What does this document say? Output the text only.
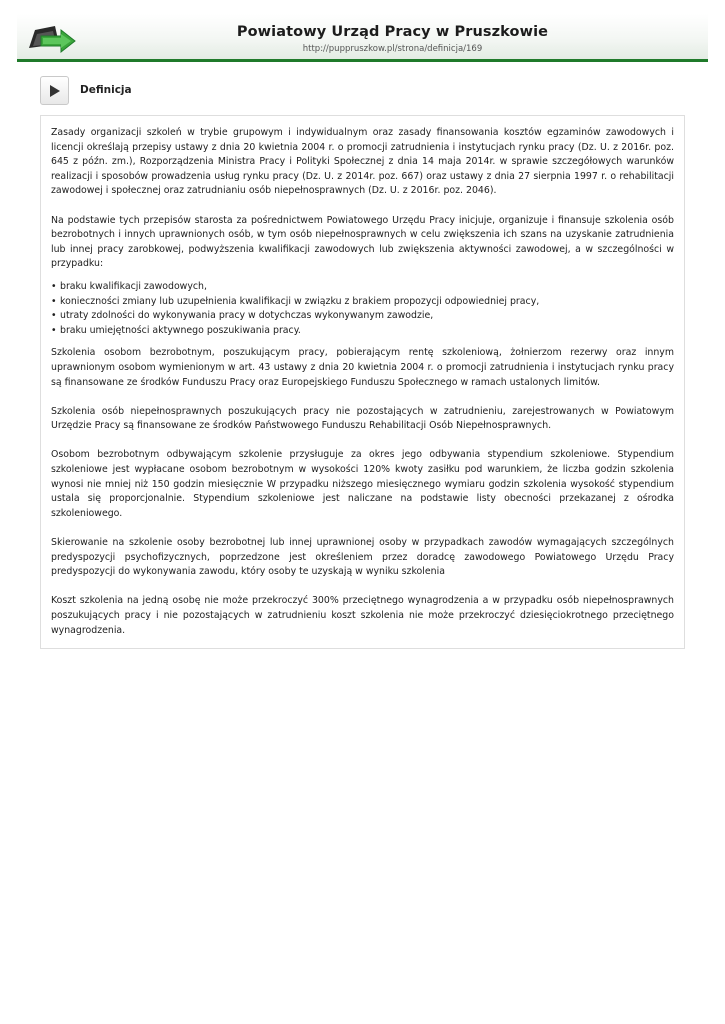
Powiatowy Urząd Pracy w Pruszkowie
http://puppruszkow.pl/strona/definicja/169
Definicja

Zasady organizacji szkoleń w trybie grupowym i indywidualnym oraz zasady finansowania kosztów egzaminów zawodowych i licencji określają przepisy ustawy z dnia 20 kwietnia 2004 r. o promocji zatrudnienia i instytucjach rynku pracy (Dz. U. z 2016r. poz. 645 z późn. zm.), Rozporządzenia Ministra Pracy i Polityki Społecznej z dnia 14 maja 2014r. w sprawie szczegółowych warunków realizacji i sposobów prowadzenia usług rynku pracy (Dz. U. z 2014r. poz. 667) oraz ustawy z dnia 27 sierpnia 1997 r. o rehabilitacji zawodowej i społecznej oraz zatrudnianiu osób niepełnosprawnych (Dz. U. z 2016r. poz. 2046).

Na podstawie tych przepisów starosta za pośrednictwem Powiatowego Urzędu Pracy inicjuje, organizuje i finansuje szkolenia osób bezrobotnych i innych uprawnionych osób, w tym osób niepełnosprawnych w celu zwiększenia ich szans na uzyskanie zatrudnienia lub innej pracy zarobkowej, podwyższenia kwalifikacji zawodowych lub zwiększenia aktywności zawodowej, a w szczególności w przypadku:

• braku kwalifikacji zawodowych,
• konieczności zmiany lub uzupełnienia kwalifikacji w związku z brakiem propozycji odpowiedniej pracy,
• utraty zdolności do wykonywania pracy w dotychczas wykonywanym zawodzie,
• braku umiejętności aktywnego poszukiwania pracy.

Szkolenia osobom bezrobotnym, poszukującym pracy, pobierającym rentę szkoleniową, żołnierzom rezerwy oraz innym uprawnionym osobom wymienionym w art. 43 ustawy z dnia 20 kwietnia 2004 r. o promocji zatrudnienia i instytucjach rynku pracy są finansowane ze środków Funduszu Pracy oraz Europejskiego Funduszu Społecznego w ramach ustalonych limitów.

Szkolenia osób niepełnosprawnych poszukujących pracy nie pozostających w zatrudnieniu, zarejestrowanych w Powiatowym Urzędzie Pracy są finansowane ze środków Państwowego Funduszu Rehabilitacji Osób Niepełnosprawnych.

Osobom bezrobotnym odbywającym szkolenie przysługuje za okres jego odbywania stypendium szkoleniowe. Stypendium szkoleniowe jest wypłacane osobom bezrobotnym w wysokości 120% kwoty zasiłku pod warunkiem, że liczba godzin szkolenia wynosi nie mniej niż 150 godzin miesięcznie W przypadku niższego miesięcznego wymiaru godzin szkolenia wysokość stypendium ustala się proporcjonalnie. Stypendium szkoleniowe jest naliczane na podstawie listy obecności przekazanej z ośrodka szkoleniowego.

Skierowanie na szkolenie osoby bezrobotnej lub innej uprawnionej osoby w przypadkach zawodów wymagających szczególnych predyspozycji psychofizycznych, poprzedzone jest określeniem przez doradcę zawodowego Powiatowego Urzędu Pracy predyspozycji do wykonywania zawodu, który osoby te uzyskają w wyniku szkolenia

Koszt szkolenia na jedną osobę nie może przekroczyć 300% przeciętnego wynagrodzenia a w przypadku osób niepełnosprawnych poszukujących pracy i nie pozostających w zatrudnieniu koszt szkolenia nie może przekroczyć dziesięciokrotnego przeciętnego wynagrodzenia.
